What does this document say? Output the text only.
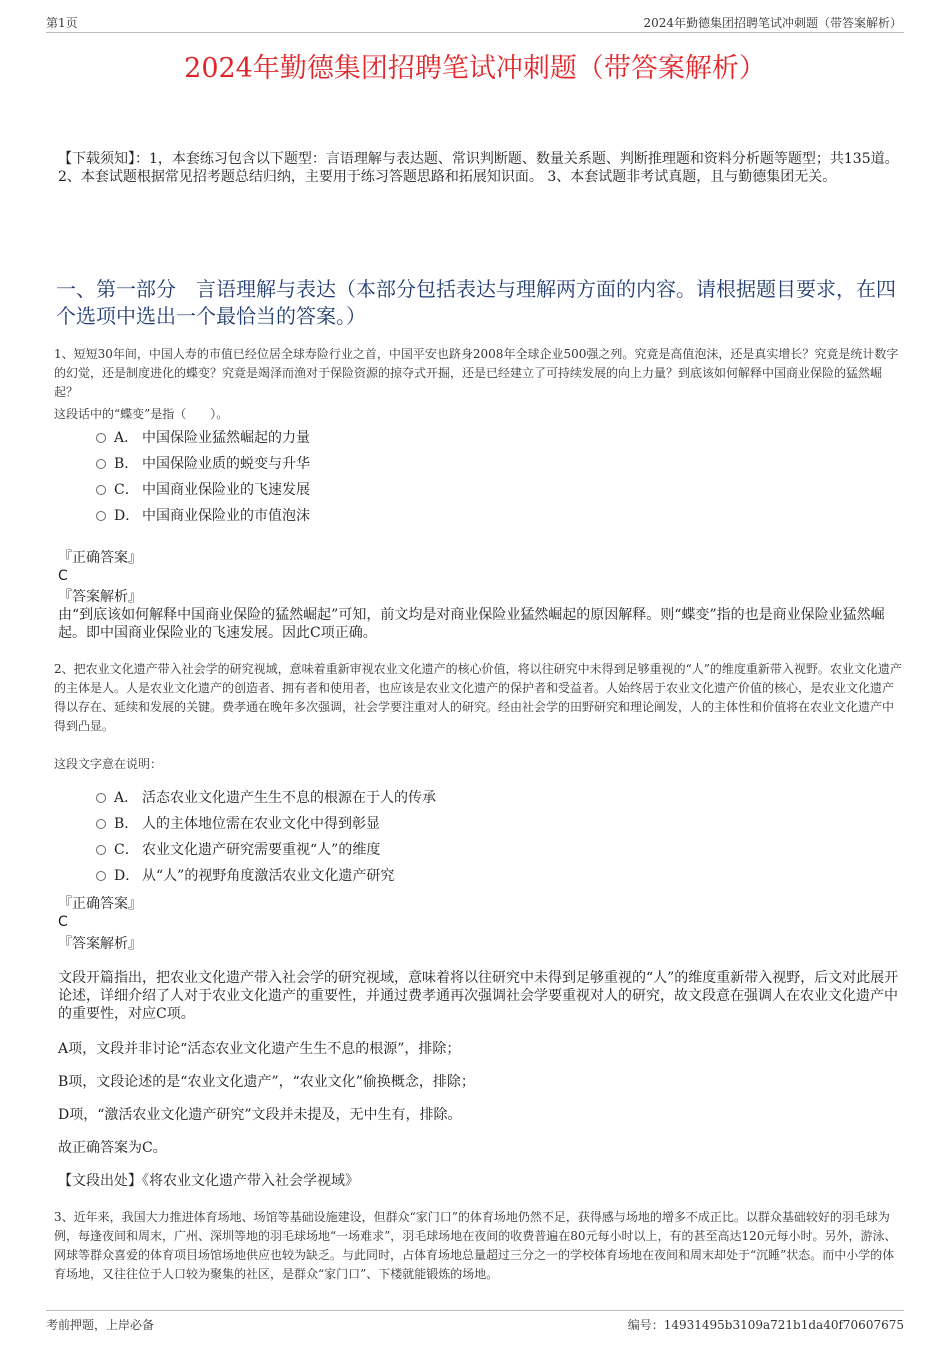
第1页	2024年勤德集团招聘笔试冲刺题（带答案解析）
2024年勤德集团招聘笔试冲刺题（带答案解析）
【下载须知】：1，本套练习包含以下题型：言语理解与表达题、常识判断题、数量关系题、判断推理题和资料分析题等题型；共135道。 2、本套试题根据常见招考题总结归纳，主要用于练习答题思路和拓展知识面。 3、本套试题非考试真题，且与勤德集团无关。
一、第一部分　言语理解与表达（本部分包括表达与理解两方面的内容。请根据题目要求，在四个选项中选出一个最恰当的答案。）
1、短短30年间，中国人寿的市值已经位居全球寿险行业之首，中国平安也跻身2008年全球企业500强之列。究竟是高值泡沫，还是真实增长？究竟是统计数字的幻觉，还是制度进化的蝶变？究竟是竭泽而渔对于保险资源的掠夺式开掘，还是已经建立了可持续发展的向上力量？到底该如何解释中国商业保险的猛然崛起？
这段话中的“蝶变”是指（　　）。
A． 中国保险业猛然崛起的力量
B． 中国保险业质的蜕变与升华
C． 中国商业保险业的飞速发展
D． 中国商业保险业的市值泡沫
『正确答案』
C
『答案解析』
由“到底该如何解释中国商业保险的猛然崛起”可知，前文均是对商业保险业猛然崛起的原因解释。则“蝶变”指的也是商业保险业猛然崛起。即中国商业保险业的飞速发展。因此C项正确。
2、把农业文化遗产带入社会学的研究视域，意味着重新审视农业文化遗产的核心价值，将以往研究中未得到足够重视的“人”的维度重新带入视野。农业文化遗产的主体是人。人是农业文化遗产的创造者、拥有者和使用者，也应该是农业文化遗产的保护者和受益者。人始终居于农业文化遗产价值的核心，是农业文化遗产得以存在、延续和发展的关键。费孝通在晚年多次强调，社会学要注重对人的研究。经由社会学的田野研究和理论阐发，人的主体性和价值将在农业文化遗产中得到凸显。
这段文字意在说明：
A． 活态农业文化遗产生生不息的根源在于人的传承
B． 人的主体地位需在农业文化中得到彰显
C． 农业文化遗产研究需要重视“人”的维度
D． 从“人”的视野角度激活农业文化遗产研究
『正确答案』
C
『答案解析』
文段开篇指出，把农业文化遗产带入社会学的研究视域，意味着将以往研究中未得到足够重视的“人”的维度重新带入视野，后文对此展开论述，详细介绍了人对于农业文化遗产的重要性，并通过费孝通再次强调社会学要重视对人的研究，故文段意在强调人在农业文化遗产中的重要性，对应C项。
A项，文段并非讨论“活态农业文化遗产生生不息的根源”，排除；
B项，文段论述的是“农业文化遗产”，“农业文化”偷换概念，排除；
D项，“激活农业文化遗产研究”文段并未提及，无中生有，排除。
故正确答案为C。
【文段出处】《将农业文化遗产带入社会学视域》
3、近年来，我国大力推进体育场地、场馆等基础设施建设，但群众“家门口”的体育场地仍然不足，获得感与场地的增多不成正比。以群众基础较好的羽毛球为例，每逢夜间和周末，广州、深圳等地的羽毛球场地“一场难求”，羽毛球场地在夜间的收费普遍在80元每小时以上，有的甚至高达120元每小时。另外，游泳、网球等群众喜爱的体育项目场馆场地供应也较为缺乏。与此同时，占体育场地总量超过三分之一的学校体育场地在夜间和周末却处于“沉睡”状态。而中小学的体育场地，又往往位于人口较为聚集的社区，是群众“家门口”、下楼就能锻炼的场地。
考前押题，上岸必备	编号：14931495b3109a721b1da40f70607675
